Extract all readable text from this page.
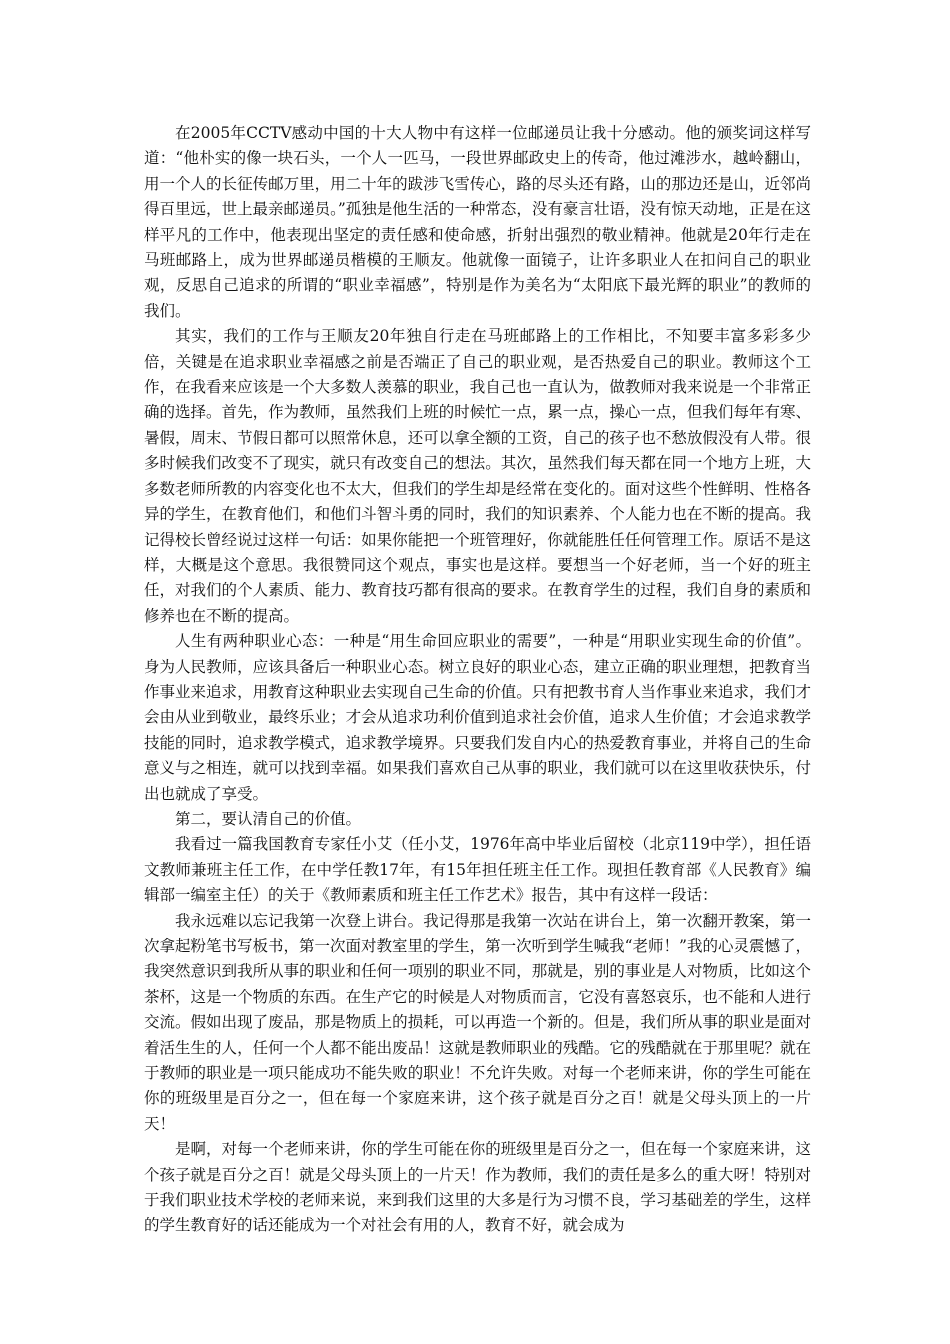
在2005年CCTV感动中国的十大人物中有这样一位邮递员让我十分感动。他的颁奖词这样写道：“他朴实的像一块石头，一个人一匹马，一段世界邮政史上的传奇，他过滩涉水，越岭翻山，用一个人的长征传邮万里，用二十年的跋涉飞雪传心，路的尽头还有路，山的那边还是山，近邻尚得百里远，世上最亲邮递员。”孤独是他生活的一种常态，没有豪言壮语，没有惊天动地，正是在这样平凡的工作中，他表现出坚定的责任感和使命感，折射出强烈的敬业精神。他就是20年行走在马班邮路上，成为世界邮递员楷模的王顺友。他就像一面镜子，让许多职业人在扣问自己的职业观，反思自己追求的所谓的“职业幸福感”，特别是作为美名为“太阳底下最光辉的职业”的教师的我们。

其实，我们的工作与王顺友20年独自行走在马班邮路上的工作相比，不知要丰富多彩多少倍，关键是在追求职业幸福感之前是否端正了自己的职业观，是否热爱自己的职业。教师这个工作，在我看来应该是一个大多数人羡慕的职业，我自己也一直认为，做教师对我来说是一个非常正确的选择。首先，作为教师，虽然我们上班的时候忙一点，累一点，操心一点，但我们每年有寒、暑假，周末、节假日都可以照常休息，还可以拿全额的工资，自己的孩子也不愁放假没有人带。很多时候我们改变不了现实，就只有改变自己的想法。其次，虽然我们每天都在同一个地方上班，大多数老师所教的内容变化也不太大，但我们的学生却是经常在变化的。面对这些个性鲜明、性格各异的学生，在教育他们，和他们斗智斗勇的同时，我们的知识素养、个人能力也在不断的提高。我记得校长曾经说过这样一句话：如果你能把一个班管理好，你就能胜任任何管理工作。原话不是这样，大概是这个意思。我很赞同这个观点，事实也是这样。要想当一个好老师，当一个好的班主任，对我们的个人素质、能力、教育技巧都有很高的要求。在教育学生的过程，我们自身的素质和修养也在不断的提高。

人生有两种职业心态：一种是“用生命回应职业的需要”，一种是“用职业实现生命的价值”。身为人民教师，应该具备后一种职业心态。树立良好的职业心态，建立正确的职业理想，把教育当作事业来追求，用教育这种职业去实现自己生命的价值。只有把教书育人当作事业来追求，我们才会由从业到敬业，最终乐业；才会从追求功利价值到追求社会价值，追求人生价值；才会追求教学技能的同时，追求教学模式，追求教学境界。只要我们发自内心的热爱教育事业，并将自己的生命意义与之相连，就可以找到幸福。如果我们喜欢自己从事的职业，我们就可以在这里收获快乐，付出也就成了享受。

第二，要认清自己的价值。

我看过一篇我国教育专家任小艾（任小艾，1976年高中毕业后留校（北京119中学），担任语文教师兼班主任工作，在中学任教17年，有15年担任班主任工作。现担任教育部《人民教育》编辑部一编室主任）的关于《教师素质和班主任工作艺术》报告，其中有这样一段话：

我永远难以忘记我第一次登上讲台。我记得那是我第一次站在讲台上，第一次翻开教案，第一次拿起粉笔书写板书，第一次面对教室里的学生，第一次听到学生喊我“老师！”我的心灵震憾了，我突然意识到我所从事的职业和任何一项别的职业不同，那就是，别的事业是人对物质，比如这个茶杯，这是一个物质的东西。在生产它的时候是人对物质而言，它没有喜怒哀乐，也不能和人进行交流。假如出现了废品，那是物质上的损耗，可以再造一个新的。但是，我们所从事的职业是面对着活生生的人，任何一个人都不能出废品！这就是教师职业的残酷。它的残酷就在于那里呢？就在于教师的职业是一项只能成功不能失败的职业！不允许失败。对每一个老师来讲，你的学生可能在你的班级里是百分之一，但在每一个家庭来讲，这个孩子就是百分之百！就是父母头顶上的一片天！

是啊，对每一个老师来讲，你的学生可能在你的班级里是百分之一，但在每一个家庭来讲，这个孩子就是百分之百！就是父母头顶上的一片天！作为教师，我们的责任是多么的重大呀！特别对于我们职业技术学校的老师来说，来到我们这里的大多是行为习惯不良，学习基础差的学生，这样的学生教育好的话还能成为一个对社会有用的人，教育不好，就会成为
